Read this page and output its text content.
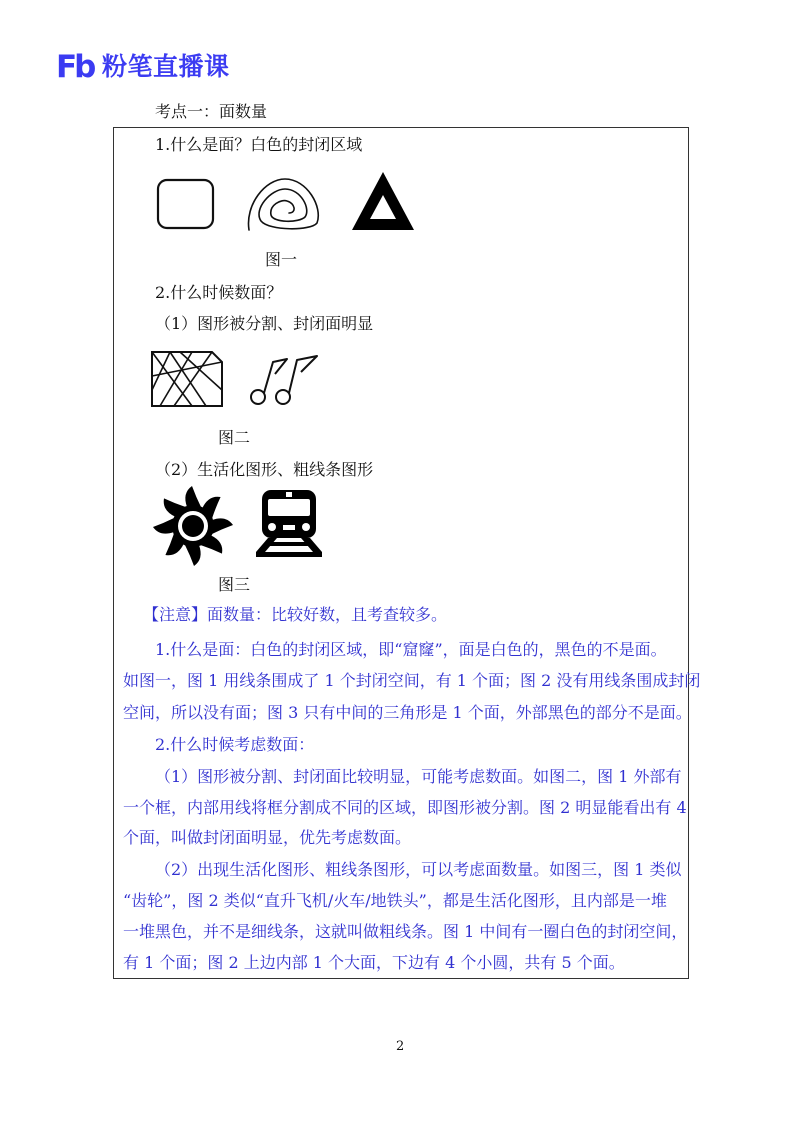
Fb 粉笔直播课
考点一：面数量
1.什么是面？白色的封闭区域
图一
2.什么时候数面？
（1）图形被分割、封闭面明显
图二
（2）生活化图形、粗线条图形
图三
【注意】面数量：比较好数，且考查较多。
1.什么是面：白色的封闭区域，即“窟窿”，面是白色的，黑色的不是面。
如图一，图 1 用线条围成了 1 个封闭空间，有 1 个面；图 2 没有用线条围成封闭
空间，所以没有面；图 3 只有中间的三角形是 1 个面，外部黑色的部分不是面。
2.什么时候考虑数面：
（1）图形被分割、封闭面比较明显，可能考虑数面。如图二，图 1 外部有
一个框，内部用线将框分割成不同的区域，即图形被分割。图 2 明显能看出有 4
个面，叫做封闭面明显，优先考虑数面。
（2）出现生活化图形、粗线条图形，可以考虑面数量。如图三，图 1 类似
“齿轮”，图 2 类似“直升飞机/火车/地铁头”，都是生活化图形，且内部是一堆
一堆黑色，并不是细线条，这就叫做粗线条。图 1 中间有一圈白色的封闭空间，
有 1 个面；图 2 上边内部 1 个大面，下边有 4 个小圆，共有 5 个面。
2
